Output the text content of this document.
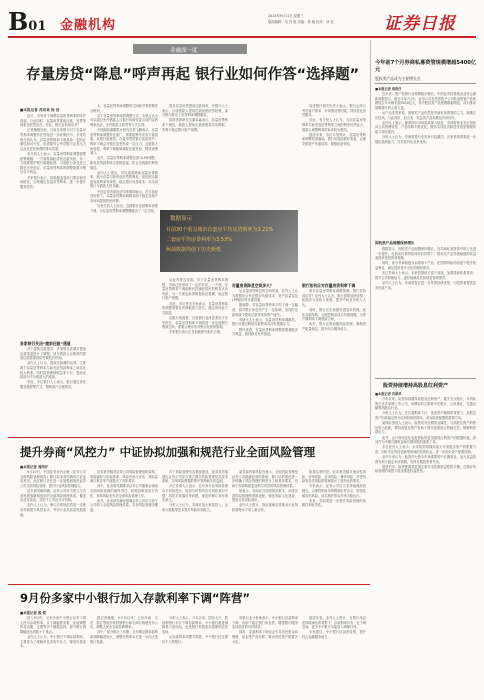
B01 金融机构
2024年9月11日 星期三
版面编辑：吴 肖 旭 美编：姜 楠 校对：刘 佳	证券日报
金融深一度
存量房贷“降息”呼声再起 银行业如何作答“选择题”
■本报记者 苏向杲 杨 洁

近日，市场对于调降存量房贷利率的呼声再起。与此同时，存量房贷提前还款、转贷等现象也依然存在。对此，银行业如何应对？

记者梳理发现，目前各家银行对于存量房贷利率调整仍在等待进一步政策信号，多家机构分析认为，存量房贷利率下调具备一定的必要性和可行性，但需要综合考虑银行息差压力以及对居民消费的带动效果。

有分析人士表示，存量房贷利率调整需要统筹兼顾，一方面要减轻居民还款负担，另一方面要维护银行稳健经营。当前银行净息差已降至历史低位，存量房贷利率的调整需要平衡好各方利益。

多家银行表示，将根据监管部门要求和市场情况，合理确定存量房贷利率，进一步提升服务质效。

各家银行关闭“提前还款”通道

对于提前还款需求，多家银行近期对提前还款渠道进行了调整，部分借款人反映预约提前还款需要排队等候较长时间。

业内人士认为，提前还款潮的出现，主要源于存量房贷利率与新发放贷款利率之间存在较大利差，同时居民理财收益率下行，提前还款成为不少借款人的选择。

对此，多位银行人士表示，银行通过优化服务流程等方式，保障客户合理需求。

大，存量房贷利率调整的空间和节奏需要综合研判。

对于存量房贷利率的调整方式，有观点认为可以通过允许借款人与银行协商变更合同约定的利率加点、允许借款人转贷等方式实现。

中国邮政储蓄银行研究员娄飞鹏表示，存量房贷利率调整涉及面广，需要统筹考虑各方面因素。从银行角度看，存量房贷是银行优质资产，利率下调会对银行息差形成一定压力；从借款人角度看，利率下调能够减轻还款负担，释放消费潜力。

此外，存量房贷利率调整还需与LPR调整、新发放贷款利率走势相衔接，防止出现新的利差倒挂。

业内人士建议，可以适度降低存量房贷利率，缩小存量与新发放房贷的利差，同时配合降低存款利率等举措，稳定银行负债成本，以实现银行与借款人的共赢。

中信证券首席经济学家明明表示，在当前经济形势下，存量房贷利率调降有助于稳定房地产市场和提振居民消费。

另有分析人士指出，近期银行存款利率再度下调，为存量房贷利率调整腾挪出了一定空间。

提及存量房贷提前还款现象，有银行人士表示，当前借款人提前还款意愿依然较强，部分银行推出了房贷利率调整服务。

招联首席研究员董希淼表示，存量房贷利率下调后，借款人提前还款意愿将有所降低，有利于稳定银行资产规模。

数据显示
目前30个重点城市首套房平均房贷利率为3.21%
二套房平均房贷利率为3.53%
两项数据均创下历史新低

从业内观点来看，对于存量房贷利率调整，市场已经形成了一定的共识。一方面，存量房贷利率下调能够有效减轻居民的利息支出负担，另一方面也能遏制提前还款潮，稳定银行资产规模。

对此，多位受访专家表示，存量房贷利率的调整需要在法律框架下进行，通过市场化方式推进。

从银行角度看，目前银行业净息差处于历史低位，存量房贷利率下调将进一步压缩银行利润空间，需要合理评估对银行经营的影响。

多家银行表示正在积极研究相关方案。

存量房贷降息空间多大？

从存量房贷降息的空间来看，业内人士认为需要综合考虑银行负债成本、资产质量以及LPR报价等多重因素。

据测算，若存量房贷利率平均下调一定幅度，将对银行净息差产生一定影响，但同时也能够减少提前还款带来的资产流失。

有研究人士表示，存量房贷利率调降后，银行可通过降低存款利率对冲负债端压力。

整体来看，存量房贷利率调整需要兼顾多方利益，做到稳妥有序推进。

前述银行相关负责人表示，银行会综合考虑客户需求、市场情况等因素，持续优化房贷服务。

对此，有分析人士认为，当前存量房贷利率与新发放房贷利率之间的利差仍然较大，借款人调整利率的诉求较为强烈。

展望未来，多位专家预计，存量房贷利率调整有望落地，银行应提前做好准备，合理安排资产负债结构，增强经营韧性。

银行如何应对存量房贷利率下调

面对存量房贷利率调降预期，银行应如何应对？业内人士认为，银行需要加快转型，拓展多元化收入来源，提升中间业务收入占比。

同时，银行还应加强负债成本管理，优化存款结构，合理控制高成本负债规模，为资产端利率下调预留空间。

此外，银行还需加强风险管理，确保资产质量稳定，提升综合服务能力。

今年前7个月券商私募资管规模增超5400亿元
股权类产品成为主要增长点
■本报记者 周尚仔

近年来，资产管理行业规模稳步增长。中国证券投资基金业协会最新数据显示，截至今年7月末，证券公司及其资管子公司私募资管产品规模较去年末增长超5400亿元，其中股权类产品规模增幅明显，成为推动规模增长的主要力量。

从产品类型来看，固收类产品仍然是券商私募资管的主力，规模占比较高。与此同时，混合类、权益类产品规模也有所回升。

业内人士表示，随着资本市场改革深入推进，券商资管业务正加快向主动管理转型，产品结构不断优化，服务实体经济和居民财富管理的能力持续提升。

分析人士认为，券商资管行业竞争日趋激烈，各家机构需要进一步强化投研能力，打造差异化竞争优势。

固收类产品规模保持增长

数据显示，固收类产品规模保持增长，在券商私募资管中的占比进一步提升。在债市行情持续向好的背景下，固收类产品凭借稳健的收益表现获得投资者青睐。

同时，部分券商积极布局固收+产品，在控制风险的前提下提升收益弹性，满足投资者多元化的理财需求。

多位券商人士表示，未来将继续丰富产品线，加强投研体系建设，提升主动管理能力，更好地满足居民财富管理需求。

业内人士认为，券商资管应进一步发挥投研优势，为投资者提供更多优质产品。

险资持续增持高股息红利资产
■本报记者 冷翠华

今年以来，险资持续增持高股息红利资产。据不完全统计，年内险资已多次举牌上市公司，举牌标的主要集中在银行、公用事业、交通运输等高股息行业。

分析人士认为，在长端利率下行、优质资产稀缺的背景下，高股息资产因其稳定的分红和较低的波动，成为险资配置的重要方向。

某保险资管人士表示，险资具有长期资金属性，与高股息资产的特征较为匹配，增持高股息资产有助于提升投资组合的稳定性，缓解利差损压力。

此外，会计准则变化也促使险资更加重视红利资产的配置价值，将其作为平衡当期收益和长期回报的重要工具。

多位业内人士表示，未来险资将继续加大对高股息资产的配置力度，同时关注科技创新等领域的投资机会，进一步优化资产配置结构。

业内专家认为，险资作为资本市场重要的中长期资金，加大权益投资有利于稳定市场预期，发挥长期投资者作用。

展望后市，险资配置将更加注重安全性和收益性的平衡，在做好风险管理的前提下稳步推进权益投资。

提升券商“风控力” 中证协拟加强和规范行业全面风险管理
■本报记者 周尚仔

9月10日，中国证券业协会就《证券公司全面风险管理规范》修订征求意见稿向行业征求意见。此次修订旨在进一步加强和规范证券公司全面风险管理，提升行业风险管理能力。

征求意见稿明确，证券公司应当建立与自身发展战略相适应的全面风险管理体系，覆盖各业务条线、各类子公司及分支机构。

业内人士认为，修订后的规范将进一步推动券商提升风控水平，夯实行业高质量发展基础。

征求意见稿对证券公司风险管理组织架构、风险偏好与指标体系、风险识别与评估、风险监测与报告等方面提出了具体要求。

其中，征求意见稿要求证券公司董事会承担全面风险管理的最终责任，经理层承担执行责任，首席风险官负责全面风险管理工作。

此外，征求意见稿还强调证券公司应当将子公司纳入全面风险管理体系，实现风险管理全覆盖。

对于风险管理信息系统建设，征求意见稿提出证券公司应当建立健全风险管理信息技术系统，实现风险数据的集中管理和实时监测。

多位券商人士表示，近年来行业风险管理水平持续提升，但部分机构仍存在风控意识不强、风控手段落后等问题，规范的修订具有现实意义。

分析人士认为，券商应加大科技投入，运用大数据等技术提升风险识别能力。

某券商首席风险官表示，全面风险管理是证券公司稳健经营的基础，修订后的规范进一步明确了风险管理的职责分工和具体要求，有助于券商构建更加科学有效的风险管理体系。

他表示，券商应当按照规范要求，持续完善风险管理制度和流程，强化风险文化建设，提高全员风险意识。

业内人士预计，规范落地后将推动行业风险管理水平再上新台阶。

值得注意的是，征求意见稿对流动性风险、市场风险、信用风险、操作风险、声誉风险等各类风险的管理提出了更细化的要求。

专家表示，证券公司应当坚持稳健经营理念，合理控制业务规模和杠杆水平，防范化解各类风险，切实维护资本市场平稳运行。

未来，券商需进一步提升风险管理的前瞻性和有效性。

9月份多家中小银行加入存款利率下调“阵营”
■本报记者 熊 悦

进入9月份，又有多家中小银行宣布下调人民币存款利率。从下调幅度来看，此轮调整涉及活期、定期等多个期限品种，部分银行调降幅度达到数十个基点。

业内人士认为，中小银行下调存款利率，主要是为了缓解净息差收窄压力，降低负债成本。

据记者梳理，9月份以来，已有河南、山东、浙江等地多家村镇银行和农商行相继发布公告，调整人民币存款挂牌利率。

其中，部分银行三年期、五年期定期存款利率调降幅度较大，调整后利率水平进一步向大型银行靠拢。

分析人士表示，今年以来，国有大行、股份制银行多次下调存款利率，中小银行跟进调降是大势所趋，也是银行负债成本管理的必然选择。

从存款利率调整节奏看，中小银行往往滞后于大型银行。

有银行业分析师表示，中小银行存款利率下调，有助于稳定银行净息差，增强银行服务实体经济的可持续性。

同时，存款利率下调也会引导居民资金向理财、基金等产品转移，推动居民资产配置多元化。

展望未来，业内人士预计，在银行净息差持续承压的背景下，存款利率仍有一定下调空间，更多中小银行可能加入调降行列。

专家建议，中小银行应加快转型，提升综合金融服务能力。
